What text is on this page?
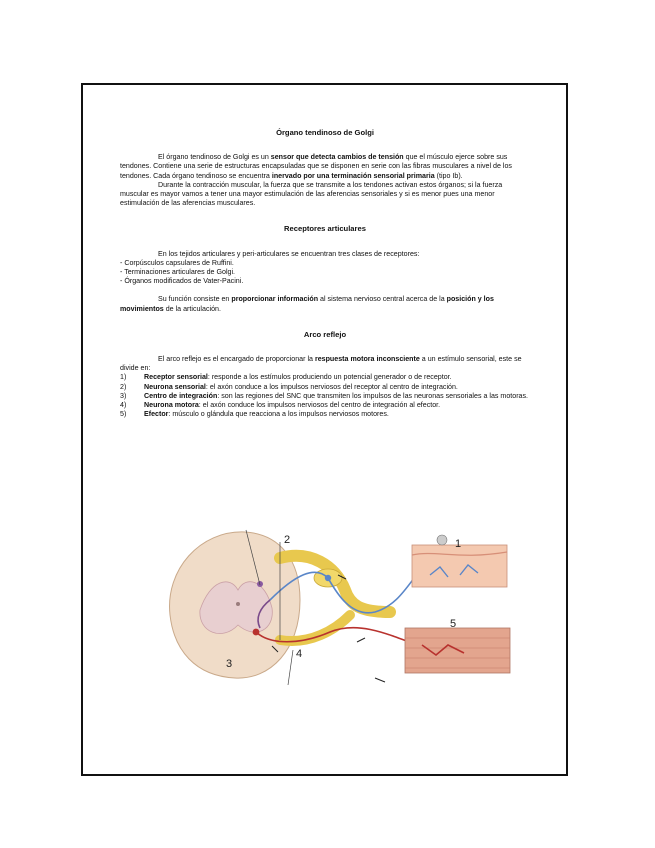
Órgano tendinoso de Golgi

El órgano tendinoso de Golgi es un sensor que detecta cambios de tensión que el músculo ejerce sobre sus tendones. Contiene una serie de estructuras encapsuladas que se disponen en serie con las fibras musculares a nivel de los tendones. Cada órgano tendinoso se encuentra inervado por una terminación sensorial primaria (tipo Ib).

Durante la contracción muscular, la fuerza que se transmite a los tendones activan estos órganos; si la fuerza muscular es mayor vamos a tener una mayor estimulación de las aferencias sensoriales y si es menor pues una menor estimulación de las aferencias musculares.

Receptores articulares

En los tejidos articulares y peri-articulares se encuentran tres clases de receptores:

- Corpúsculos capsulares de Ruffini.
- Terminaciones articulares de Golgi.
- Órganos modificados de Vater-Pacini.

Su función consiste en proporcionar información al sistema nervioso central acerca de la posición y los movimientos de la articulación.

Arco reflejo

El arco reflejo es el encargado de proporcionar la respuesta motora inconsciente a un estímulo sensorial, este se divide en:

1) Receptor sensorial: responde a los estímulos produciendo un potencial generador o de receptor.
2) Neurona sensorial: el axón conduce a los impulsos nerviosos del receptor al centro de integración.
3) Centro de integración: son las regiones del SNC que transmiten los impulsos de las neuronas sensoriales a las motoras.
4) Neurona motora: el axón conduce los impulsos nerviosos del centro de integración al efector.
5) Efector: músculo o glándula que reacciona a los impulsos nerviosos motores.
2	1
3
4
5
